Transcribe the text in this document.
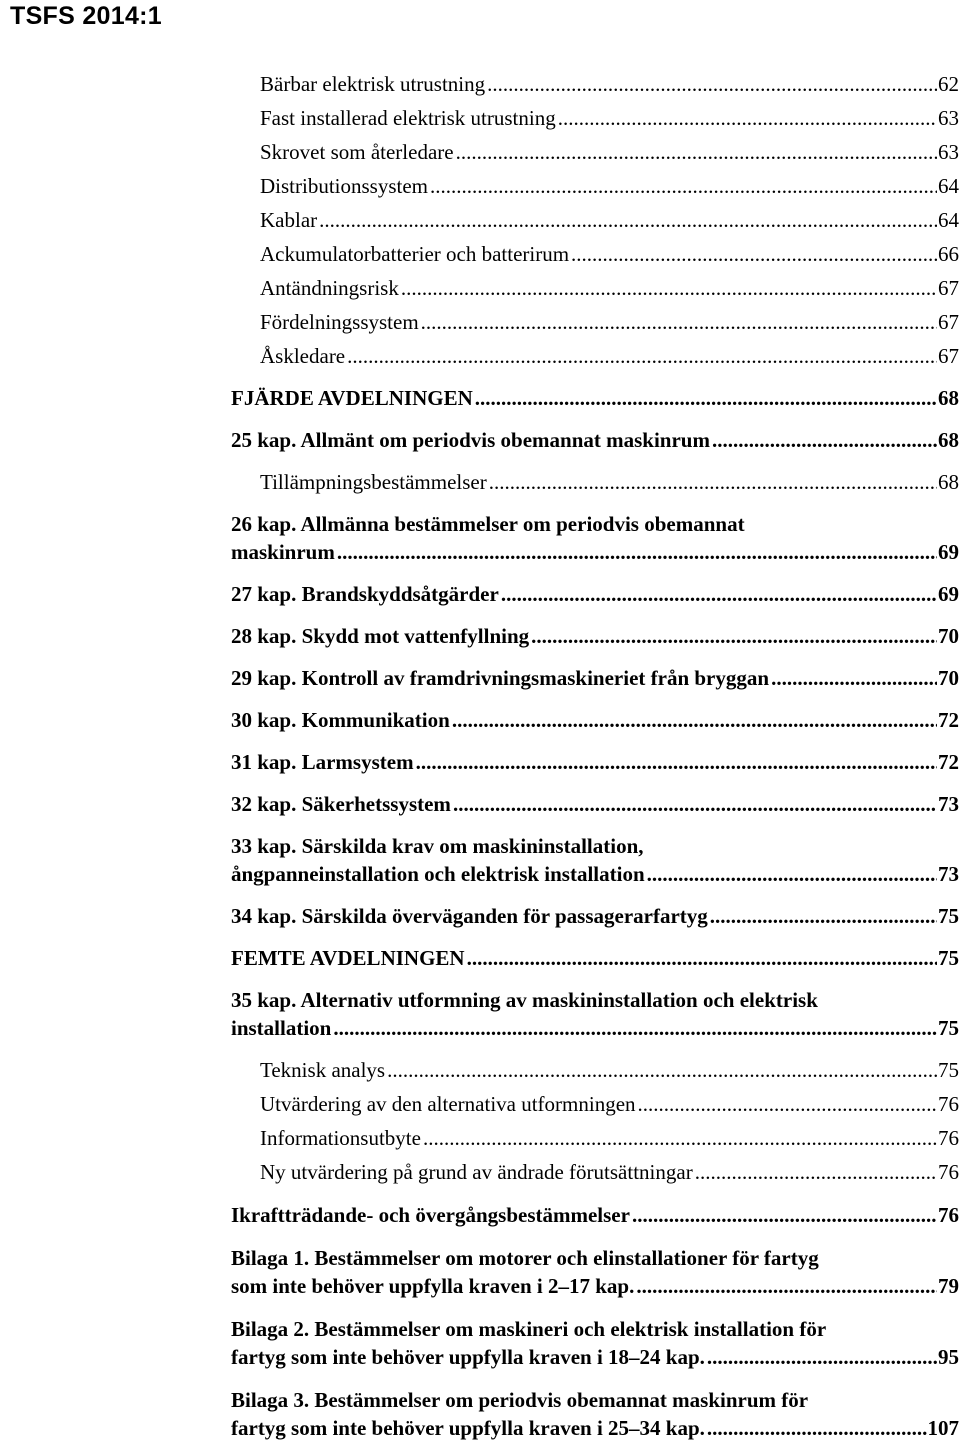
TSFS 2014:1
Bärbar elektrisk utrustning .....	62
Fast installerad elektrisk utrustning .....	63
Skrovet som återledare .....	63
Distributionssystem .....	64
Kablar .....	64
Ackumulatorbatterier och batterirum .....	66
Antändningsrisk .....	67
Fördelningssystem .....	67
Åskledare .....	67
FJÄRDE AVDELNINGEN .....	68
25 kap. Allmänt om periodvis obemannat maskinrum .....	68
Tillämpningsbestämmelser .....	68
26 kap. Allmänna bestämmelser om periodvis obemannat
maskinrum .....	69
27 kap. Brandskyddsåtgärder .....	69
28 kap. Skydd mot vattenfyllning .....	70
29 kap. Kontroll av framdrivningsmaskineriet från bryggan .....	70
30 kap. Kommunikation .....	72
31 kap. Larmsystem .....	72
32 kap. Säkerhetssystem .....	73
33 kap. Särskilda krav om maskininstallation,
ångpanneinstallation och elektrisk installation .....	73
34 kap. Särskilda överväganden för passagerarfartyg .....	75
FEMTE AVDELNINGEN .....	75
35 kap. Alternativ utformning av maskininstallation och elektrisk
installation .....	75
Teknisk analys .....	75
Utvärdering av den alternativa utformningen .....	76
Informationsutbyte .....	76
Ny utvärdering på grund av ändrade förutsättningar .....	76
Ikraftträdande- och övergångsbestämmelser .....	76
Bilaga 1. Bestämmelser om motorer och elinstallationer för fartyg
som inte behöver uppfylla kraven i 2–17 kap. .....	79
Bilaga 2. Bestämmelser om maskineri och elektrisk installation för
fartyg som inte behöver uppfylla kraven i 18–24 kap. .....	95
Bilaga 3. Bestämmelser om periodvis obemannat maskinrum för
fartyg som inte behöver uppfylla kraven i 25–34 kap. .....	107
